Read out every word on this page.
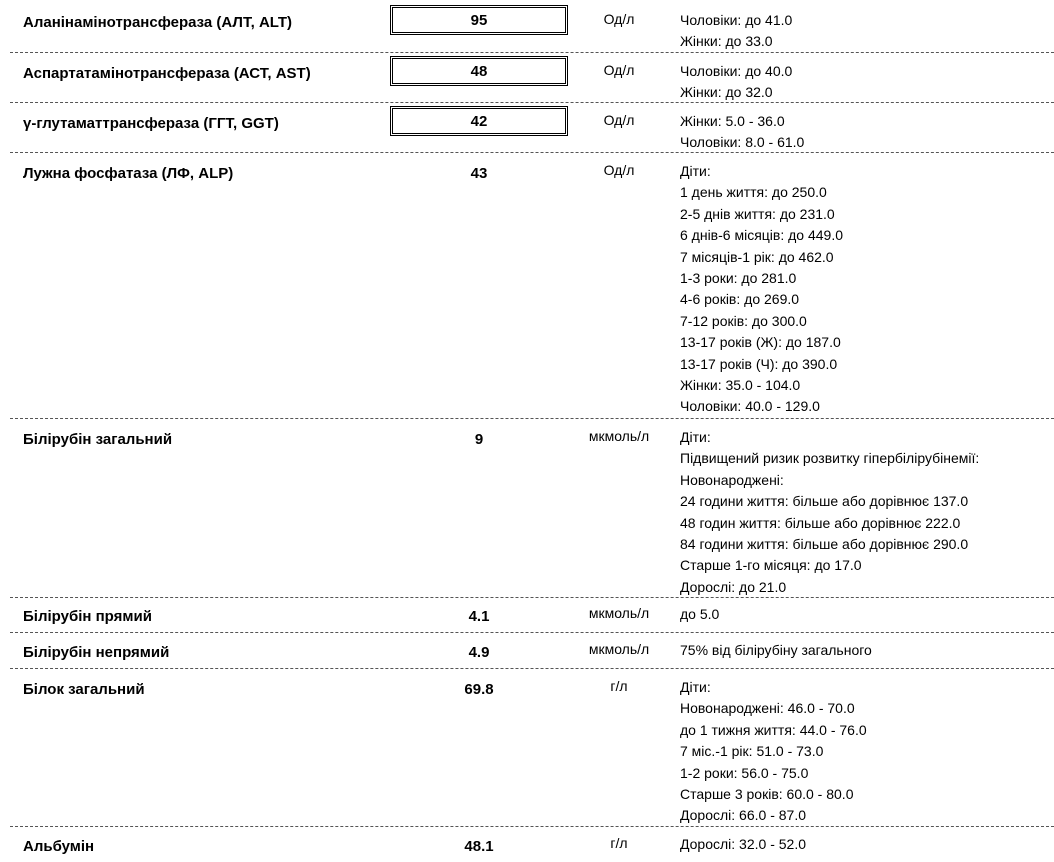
Аланінамінотрансфераза (АЛТ, ALT)	95	Од/л	Чоловіки: до 41.0
Жінки: до 33.0
Аспартатамінотрансфераза (АСТ, AST)	48	Од/л	Чоловіки: до 40.0
Жінки: до 32.0
γ-глутаматтрансфераза (ГГТ, GGT)	42	Од/л	Жінки: 5.0 - 36.0
Чоловіки: 8.0 - 61.0
Лужна фосфатаза (ЛФ, ALP)	43	Од/л	Діти:
1 день життя: до 250.0
2-5 днів життя: до 231.0
6 днів-6 місяців: до 449.0
7 місяців-1 рік: до 462.0
1-3 роки: до 281.0
4-6 років: до 269.0
7-12 років: до 300.0
13-17 років (Ж): до 187.0
13-17 років (Ч): до 390.0
Жінки: 35.0 - 104.0
Чоловіки: 40.0 - 129.0
Білірубін загальний	9	мкмоль/л	Діти:
Підвищений ризик розвитку гіпербілірубінемії:
Новонароджені:
24 години життя: більше або дорівнює 137.0
48 годин життя: більше або дорівнює 222.0
84 години життя: більше або дорівнює 290.0
Старше 1-го місяця: до 17.0
Дорослі: до 21.0
Білірубін прямий	4.1	мкмоль/л	до 5.0
Білірубін непрямий	4.9	мкмоль/л	75% від білірубіну загального
Білок загальний	69.8	г/л	Діти:
Новонароджені: 46.0 - 70.0
до 1 тижня життя: 44.0 - 76.0
7 міс.-1 рік: 51.0 - 73.0
1-2 роки: 56.0 - 75.0
Старше 3 років: 60.0 - 80.0
Дорослі: 66.0 - 87.0
Альбумін	48.1	г/л	Дорослі: 32.0 - 52.0
